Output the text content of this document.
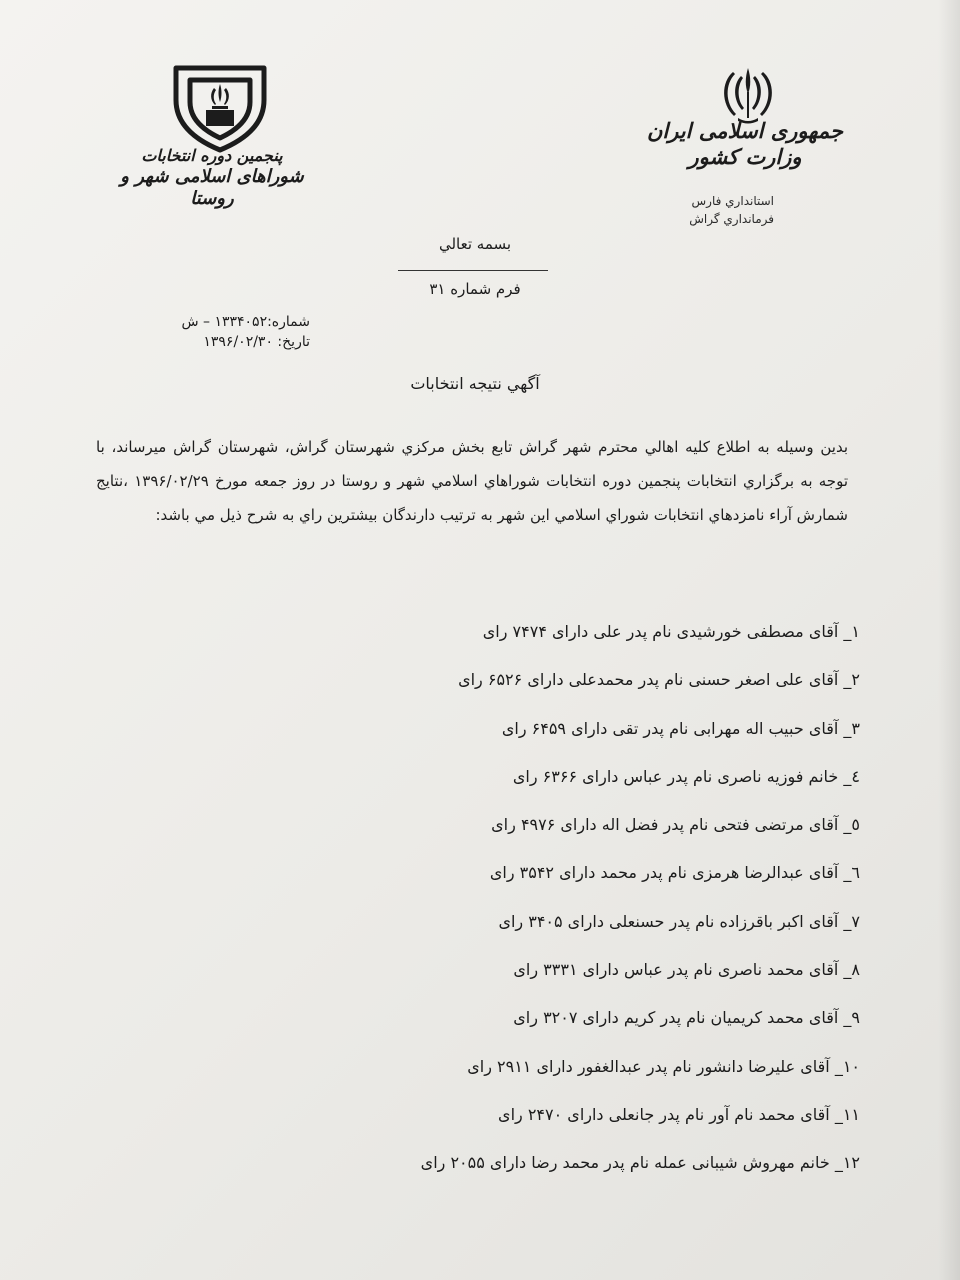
جمهوری اسلامی ایران
وزارت کشور
استانداري فارس
فرمانداري گراش
پنجمین دوره انتخابات
شوراهای اسلامی شهر و روستا
بسمه تعالي
فرم شماره ۳۱
شماره:۱۳۳۴۰۵۲ – ش
تاريخ: ۱۳۹۶/۰۲/۳۰
آگهي نتيجه انتخابات
بدين وسيله به اطلاع كليه اهالي محترم شهر گراش تابع بخش مركزي شهرستان گراش، شهرستان گراش ميرساند، با توجه به برگزاري انتخابات پنجمين دوره انتخابات شوراهاي اسلامي شهر و روستا در روز جمعه مورخ ۱۳۹۶/۰۲/۲۹ ،نتايج شمارش آراء نامزدهاي انتخابات شوراي اسلامي اين شهر به ترتيب دارندگان بيشترين راي به شرح ذيل مي باشد:
۱_ آقای مصطفی خورشیدی نام پدر علی دارای ۷۴۷۴ رای
۲_ آقای علی اصغر حسنی نام پدر محمدعلی دارای ۶۵۲۶ رای
۳_ آقای حبیب اله مهرابی نام پدر تقی دارای ۶۴۵۹ رای
٤_ خانم فوزیه ناصری نام پدر عباس دارای ۶۳۶۶ رای
٥_ آقای مرتضی فتحی نام پدر فضل اله دارای ۴۹۷۶ رای
٦_ آقای عبدالرضا هرمزی نام پدر محمد دارای ۳۵۴۲ رای
۷_ آقای اکبر باقرزاده نام پدر حسنعلی دارای ۳۴۰۵ رای
۸_ آقای محمد ناصری نام پدر عباس دارای ۳۳۳۱ رای
۹_ آقای محمد کریمیان نام پدر کریم دارای ۳۲۰۷ رای
۱۰_ آقای علیرضا دانشور نام پدر عبدالغفور دارای ۲۹۱۱ رای
۱۱_ آقای محمد نام آور نام پدر جانعلی دارای ۲۴۷۰ رای
۱۲_ خانم مهروش شیبانی عمله نام پدر محمد رضا دارای ۲۰۵۵ رای
